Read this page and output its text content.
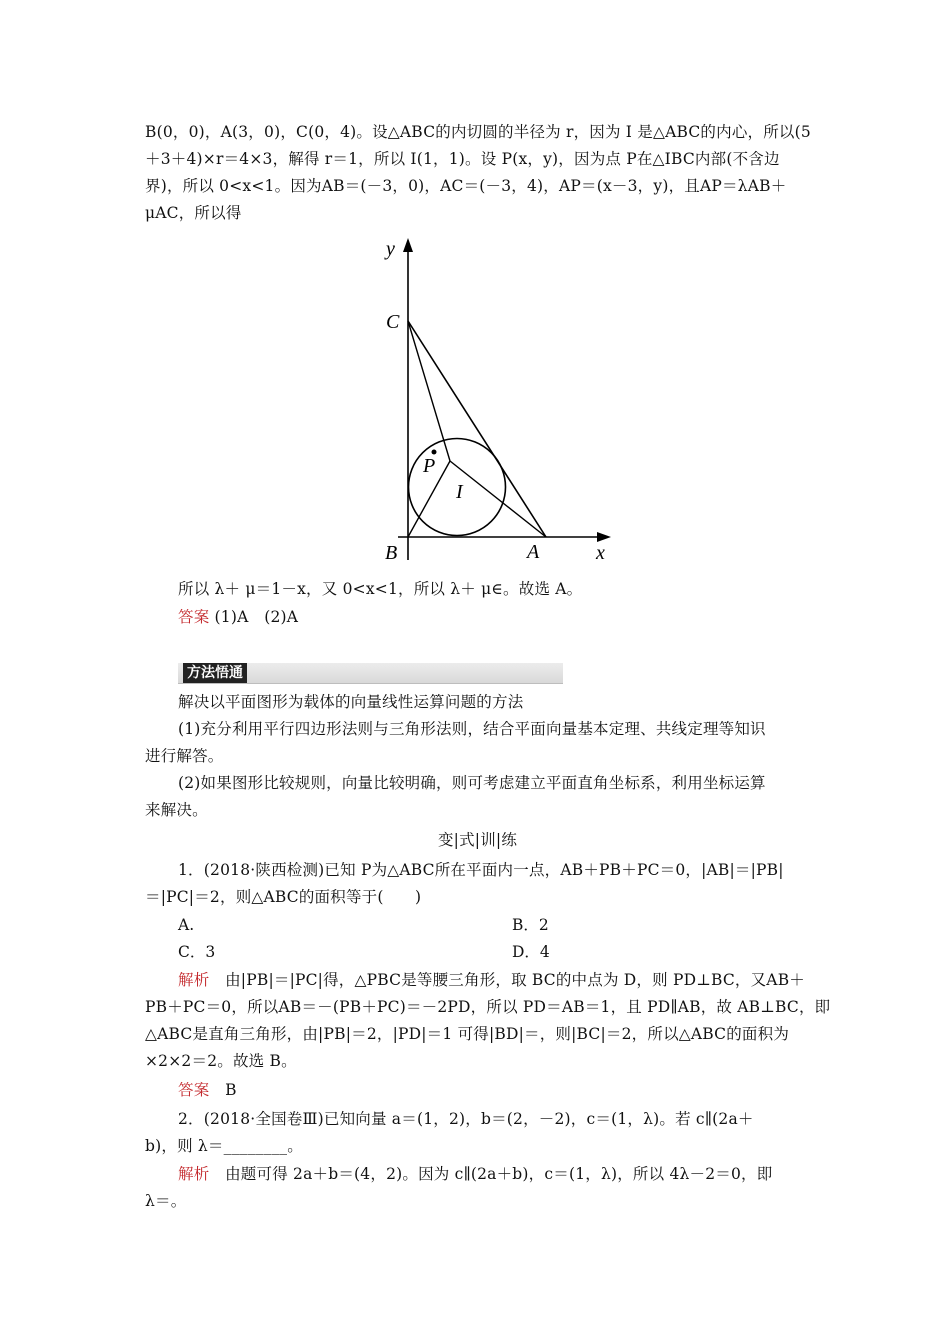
B(0，0)，A(3，0)，C(0，4)。设△ABC的内切圆的半径为 r，因为 I 是△ABC的内心，所以(5
＋3＋4)×r＝4×3，解得 r＝1，所以 I(1，1)。设 P(x，y)，因为点 P在△IBC内部(不含边
界)，所以 0<x<1。因为AB＝(－3，0)，AC＝(－3，4)，AP＝(x－3，y)，且AP＝λAB＋
μAC，所以得
y
C
P
I
B	A	x
所以 λ＋ μ＝1－x，又 0<x<1，所以 λ＋ μ∈。故选 A。
答案 (1)A　(2)A
方法悟通
解决以平面图形为载体的向量线性运算问题的方法
(1)充分利用平行四边形法则与三角形法则，结合平面向量基本定理、共线定理等知识
进行解答。
(2)如果图形比较规则，向量比较明确，则可考虑建立平面直角坐标系，利用坐标运算
来解决。
变|式|训|练
1．(2018·陕西检测)已知 P为△ABC所在平面内一点，AB＋PB＋PC＝0，|AB|＝|PB|
＝|PC|＝2，则△ABC的面积等于(　　)
A.	B．2
C．3	D．4
解析　由|PB|＝|PC|得，△PBC是等腰三角形，取 BC的中点为 D，则 PD⊥BC，又AB＋
PB＋PC＝0，所以AB＝－(PB＋PC)＝－2PD，所以 PD＝AB＝1，且 PD∥AB，故 AB⊥BC，即
△ABC是直角三角形，由|PB|＝2，|PD|＝1 可得|BD|＝，则|BC|＝2，所以△ABC的面积为
×2×2＝2。故选 B。
答案　B
2．(2018·全国卷Ⅲ)已知向量 a＝(1，2)，b＝(2，－2)，c＝(1，λ)。若 c∥(2a＋
b)，则 λ＝________。
解析　由题可得 2a＋b＝(4，2)。因为 c∥(2a＋b)，c＝(1，λ)，所以 4λ－2＝0，即
λ＝。
